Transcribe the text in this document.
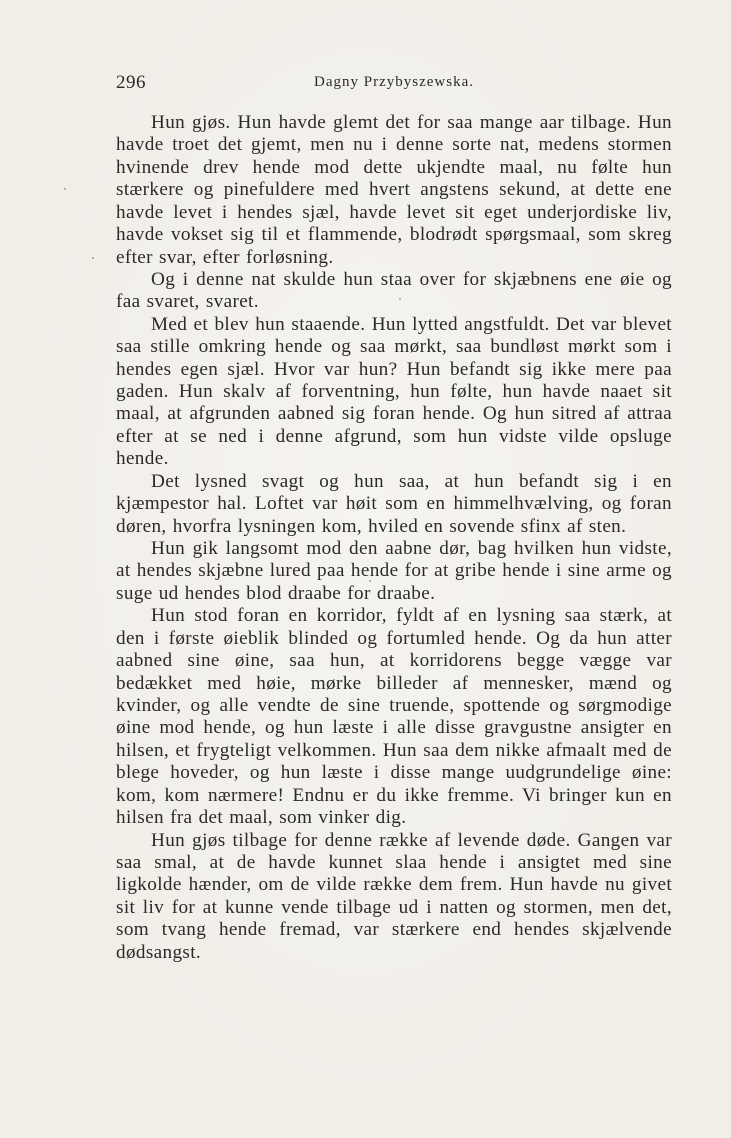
296	Dagny Przybyszewska.

Hun gjøs. Hun havde glemt det for saa mange aar tilbage. Hun havde troet det gjemt, men nu i denne sorte nat, medens stormen hvinende drev hende mod dette ukjendte maal, nu følte hun stærkere og pinefuldere med hvert angstens sekund, at dette ene havde levet i hendes sjæl, havde levet sit eget underjordiske liv, havde vokset sig til et flammende, blodrødt spørgsmaal, som skreg efter svar, efter forløsning.

Og i denne nat skulde hun staa over for skjæbnens ene øie og faa svaret, svaret.

Med et blev hun staaende. Hun lytted angstfuldt. Det var blevet saa stille omkring hende og saa mørkt, saa bundløst mørkt som i hendes egen sjæl. Hvor var hun? Hun befandt sig ikke mere paa gaden. Hun skalv af forventning, hun følte, hun havde naaet sit maal, at afgrunden aabned sig foran hende. Og hun sitred af attraa efter at se ned i denne afgrund, som hun vidste vilde opsluge hende.

Det lysned svagt og hun saa, at hun befandt sig i en kjæmpestor hal. Loftet var høit som en himmelhvælving, og foran døren, hvorfra lysningen kom, hviled en sovende sfinx af sten.

Hun gik langsomt mod den aabne dør, bag hvilken hun vidste, at hendes skjæbne lured paa hende for at gribe hende i sine arme og suge ud hendes blod draabe for draabe.

Hun stod foran en korridor, fyldt af en lysning saa stærk, at den i første øieblik blinded og fortumled hende. Og da hun atter aabned sine øine, saa hun, at korridorens begge vægge var bedækket med høie, mørke billeder af mennesker, mænd og kvinder, og alle vendte de sine truende, spottende og sørgmodige øine mod hende, og hun læste i alle disse gravgustne ansigter en hilsen, et frygteligt velkommen. Hun saa dem nikke afmaalt med de blege hoveder, og hun læste i disse mange uudgrundelige øine: kom, kom nærmere! Endnu er du ikke fremme. Vi bringer kun en hilsen fra det maal, som vinker dig.

Hun gjøs tilbage for denne række af levende døde. Gangen var saa smal, at de havde kunnet slaa hende i ansigtet med sine ligkolde hænder, om de vilde række dem frem. Hun havde nu givet sit liv for at kunne vende tilbage ud i natten og stormen, men det, som tvang hende fremad, var stærkere end hendes skjælvende dødsangst.
